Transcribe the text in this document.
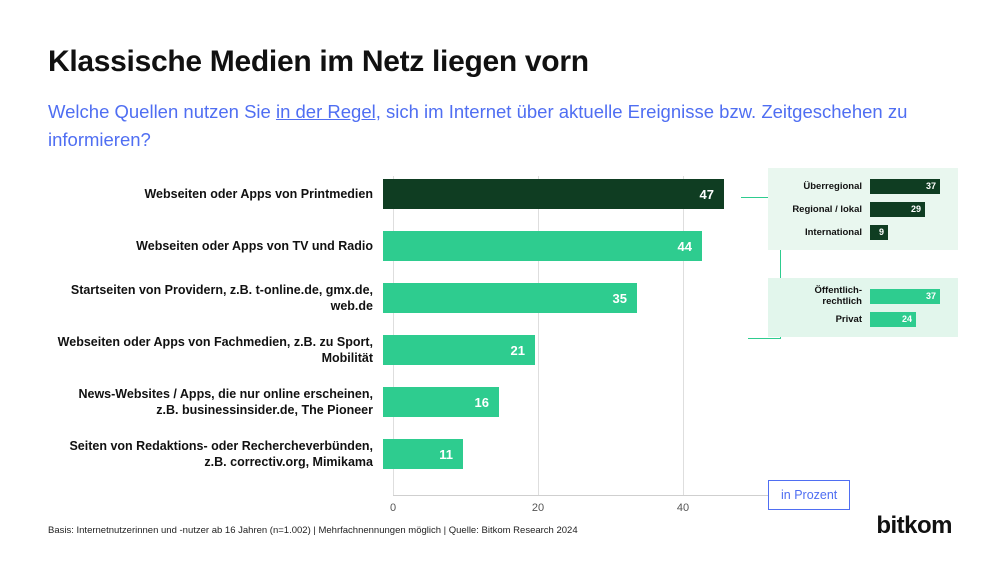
Klassische Medien im Netz liegen vorn
Welche Quellen nutzen Sie in der Regel, sich im Internet über aktuelle Ereignisse bzw. Zeitgeschehen zu informieren?
0	20	40
Webseiten oder Apps von Printmedien	47
Webseiten oder Apps von TV und Radio	44
Startseiten von Providern, z.B. t-online.de, gmx.de,
web.de
35
Webseiten oder Apps von Fachmedien, z.B. zu Sport,
Mobilität
21
News-Websites / Apps, die nur online erscheinen,
z.B. businessinsider.de, The Pioneer
16
Seiten von Redaktions- oder Rechercheverbünden,
z.B. correctiv.org, Mimikama
11
Überregional	37
Regional / lokal	29
International	9
Öffentlich-rechtlich	37
Privat	24
in Prozent
Basis: Internetnutzerinnen und -nutzer ab 16 Jahren (n=1.002) | Mehrfachnennungen möglich | Quelle: Bitkom Research 2024	bitkom
